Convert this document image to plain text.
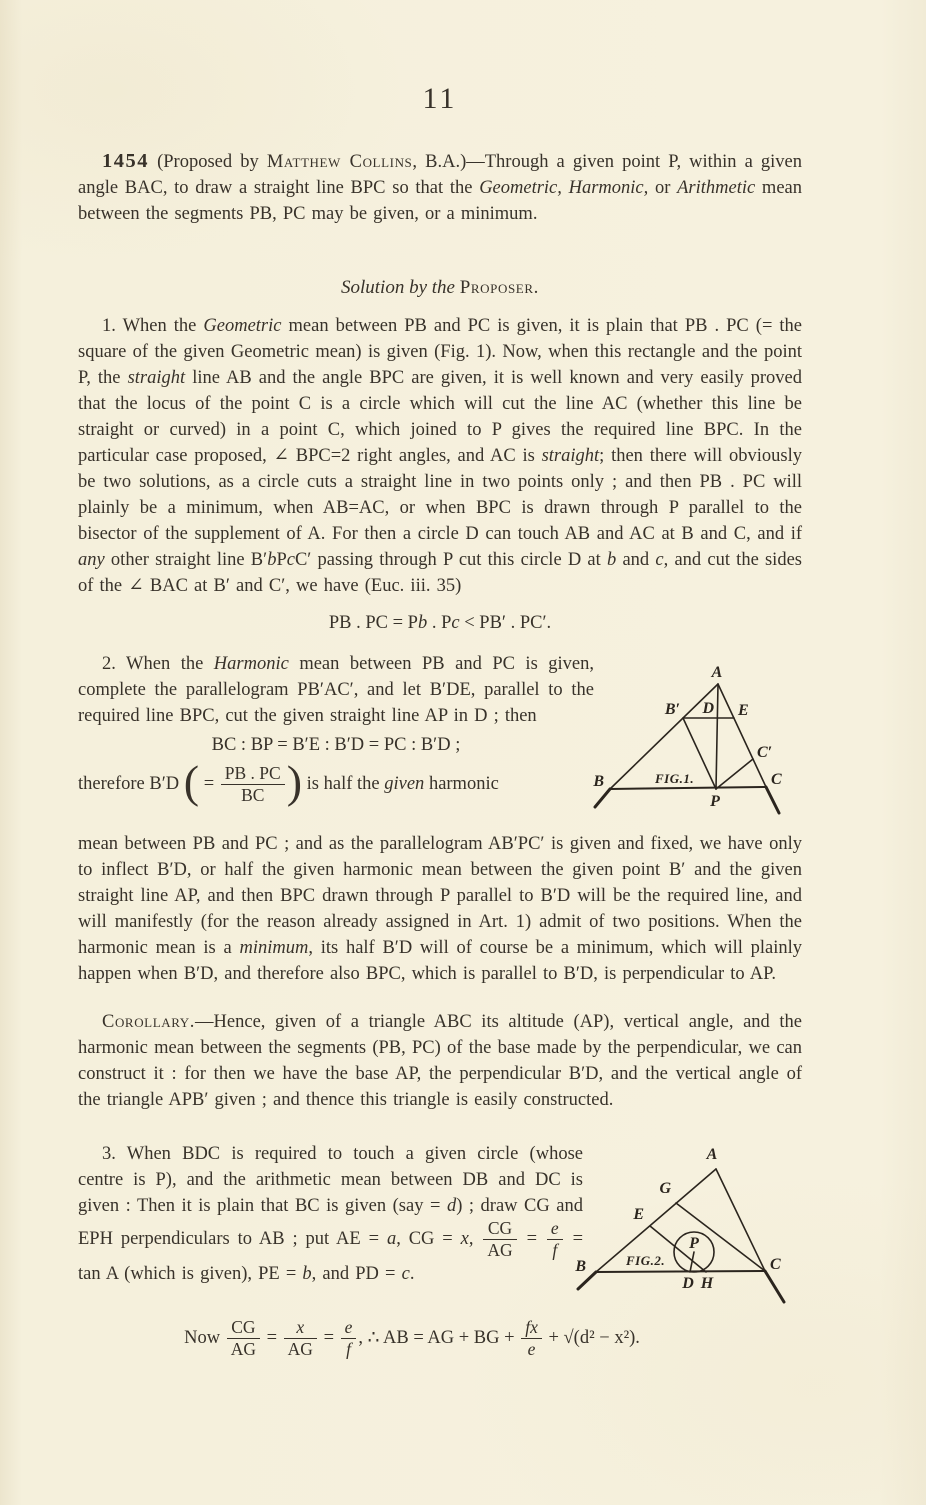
11

1454 (Proposed by Matthew Collins, B.A.)—Through a given point P, within a given angle BAC, to draw a straight line BPC so that the Geometric, Harmonic, or Arithmetic mean between the segments PB, PC may be given, or a minimum.

Solution by the Proposer.

1. When the Geometric mean between PB and PC is given, it is plain that PB . PC (= the square of the given Geometric mean) is given (Fig. 1). Now, when this rectangle and the point P, the straight line AB and the angle BPC are given, it is well known and very easily proved that the locus of the point C is a circle which will cut the line AC (whether this line be straight or curved) in a point C, which joined to P gives the required line BPC. In the particular case proposed, ∠ BPC=2 right angles, and AC is straight; then there will obviously be two solutions, as a circle cuts a straight line in two points only ; and then PB . PC will plainly be a minimum, when AB=AC, or when BPC is drawn through P parallel to the bisector of the supplement of A. For then a circle D can touch AB and AC at B and C, and if any other straight line B′bPcC′ passing through P cut this circle D at b and c, and cut the sides of the ∠ BAC at B′ and C′, we have (Euc. iii. 35)

PB . PC = Pb . Pc < PB′ . PC′.

2. When the Harmonic mean between PB and PC is given, complete the parallelogram PB′AC′, and let B′DE, parallel to the required line BPC, cut the given straight line AP in D ; then

BC : BP = B′E : B′D = PC : B′D ;

therefore B′D ( = $\frac{PB . PC}{BC}$ ) is half the given harmonic

A
B′ D E
C′
B	C
P
FIG.1.

mean between PB and PC ; and as the parallelogram AB′PC′ is given and fixed, we have only to inflect B′D, or half the given harmonic mean between the given point B′ and the given straight line AP, and then BPC drawn through P parallel to B′D will be the required line, and will manifestly (for the reason already assigned in Art. 1) admit of two positions. When the harmonic mean is a minimum, its half B′D will of course be a minimum, which will plainly happen when B′D, and therefore also BPC, which is parallel to B′D, is perpendicular to AP.

Corollary.—Hence, given of a triangle ABC its altitude (AP), vertical angle, and the harmonic mean between the segments (PB, PC) of the base made by the perpendicular, we can construct it : for then we have the base AP, the perpendicular B′D, and the vertical angle of the triangle APB′ given ; and thence this triangle is easily constructed.

3. When BDC is required to touch a given circle (whose centre is P), and the arithmetic mean between DB and DC is given : Then it is plain that BC is given (say = d) ; draw CG and EPH perpendiculars to AB ; put AE = a, CG = x, $\frac{CG}{AG} = \frac{e}{f} = \tan A$ (which is given), PE = b, and PD = c.

A
G
E
B
P
D H
C
FIG.2.
Now $\frac{CG}{AG} = \frac{x}{AG} = \frac{e}{f}$ , ∴ AB = AG + BG + $\frac{fx}{e} + √(d^2 - x^2)$.
